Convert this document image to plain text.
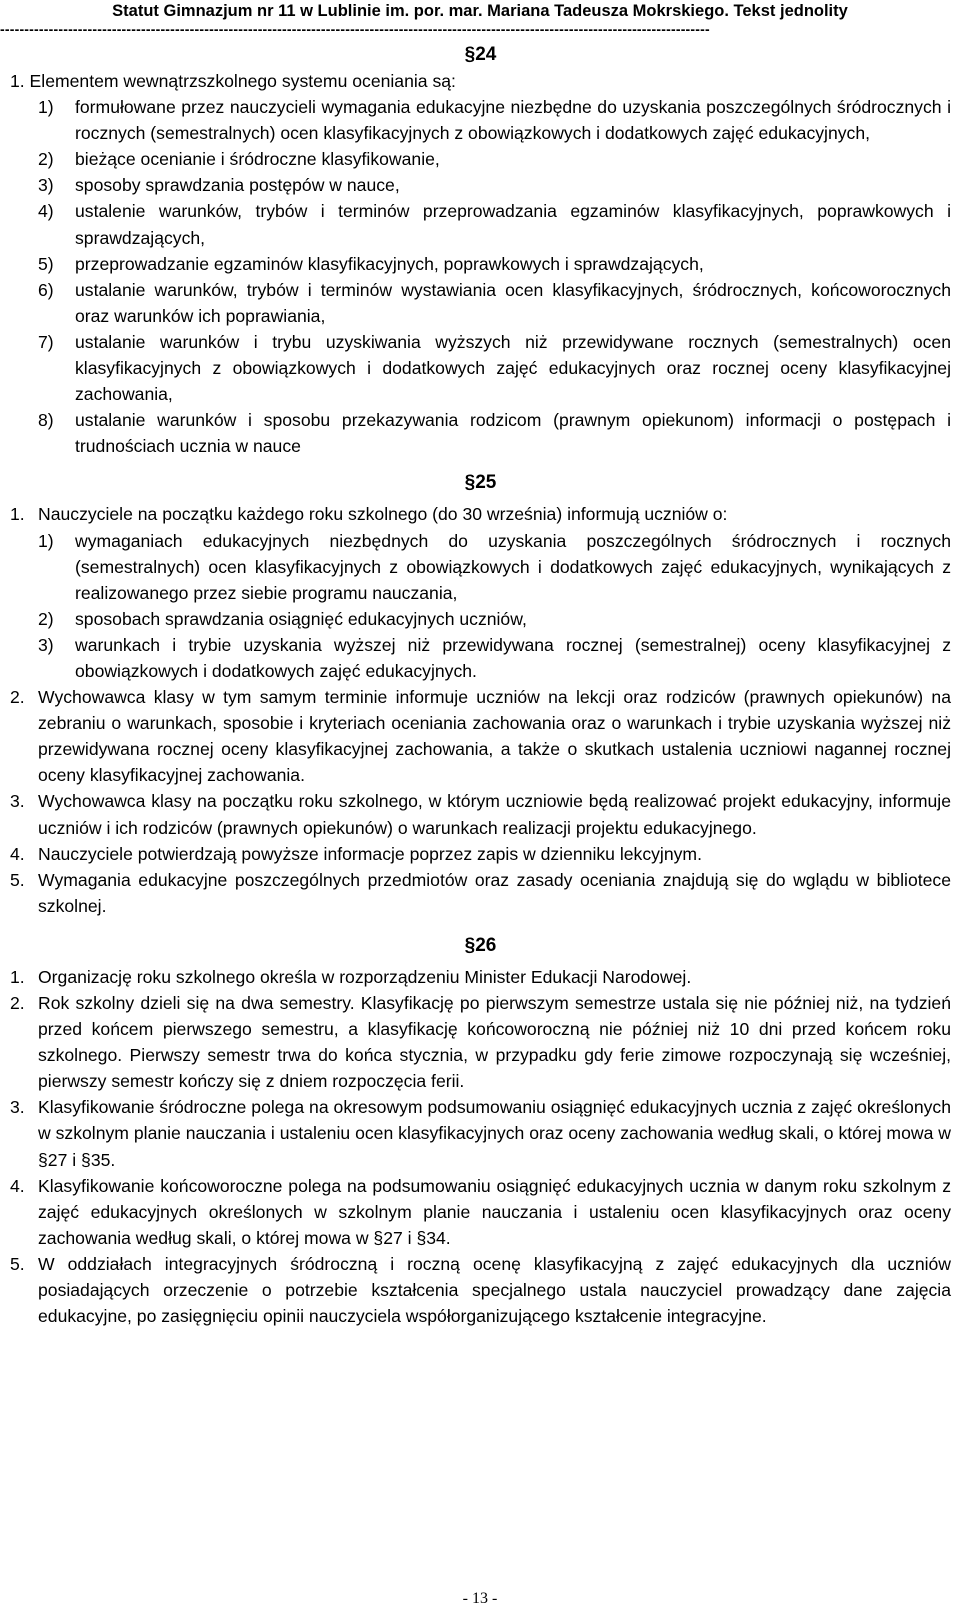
Statut Gimnazjum nr 11 w Lublinie im. por. mar. Mariana Tadeusza Mokrskiego. Tekst jednolity
--------------------------------------------------------------------------------------------------------------------------------------------------
§24
1. Elementem wewnątrzszkolnego systemu oceniania są:
1) formułowane przez nauczycieli wymagania edukacyjne niezbędne do uzyskania poszczególnych śródrocznych i rocznych (semestralnych) ocen klasyfikacyjnych z obowiązkowych i dodatkowych zajęć edukacyjnych,
2) bieżące ocenianie i śródroczne klasyfikowanie,
3) sposoby sprawdzania postępów w nauce,
4) ustalenie warunków, trybów i terminów przeprowadzania egzaminów klasyfikacyjnych, poprawkowych i sprawdzających,
5) przeprowadzanie egzaminów klasyfikacyjnych, poprawkowych i sprawdzających,
6) ustalanie warunków, trybów i terminów wystawiania ocen klasyfikacyjnych, śródrocznych, końcoworocznych oraz warunków ich poprawiania,
7) ustalanie warunków i trybu uzyskiwania wyższych niż przewidywane rocznych (semestralnych) ocen klasyfikacyjnych z obowiązkowych i dodatkowych zajęć edukacyjnych oraz rocznej oceny klasyfikacyjnej zachowania,
8) ustalanie warunków i sposobu przekazywania rodzicom (prawnym opiekunom) informacji o postępach i trudnościach ucznia w nauce
§25
1. Nauczyciele na początku każdego roku szkolnego (do 30 września) informują uczniów o:
1) wymaganiach edukacyjnych niezbędnych do uzyskania poszczególnych śródrocznych i rocznych (semestralnych) ocen klasyfikacyjnych z obowiązkowych i dodatkowych zajęć edukacyjnych, wynikających z realizowanego przez siebie programu nauczania,
2) sposobach sprawdzania osiągnięć edukacyjnych uczniów,
3) warunkach i trybie uzyskania wyższej niż przewidywana rocznej (semestralnej) oceny klasyfikacyjnej z obowiązkowych i dodatkowych zajęć edukacyjnych.
2. Wychowawca klasy w tym samym terminie informuje uczniów na lekcji oraz rodziców (prawnych opiekunów) na zebraniu o warunkach, sposobie i kryteriach oceniania zachowania oraz o warunkach i trybie uzyskania wyższej niż przewidywana rocznej oceny klasyfikacyjnej zachowania, a także o skutkach ustalenia uczniowi nagannej rocznej oceny klasyfikacyjnej zachowania.
3. Wychowawca klasy na początku roku szkolnego, w którym uczniowie będą realizować projekt edukacyjny, informuje uczniów i ich rodziców (prawnych opiekunów) o warunkach realizacji projektu edukacyjnego.
4. Nauczyciele potwierdzają powyższe informacje poprzez zapis w dzienniku lekcyjnym.
5. Wymagania edukacyjne poszczególnych przedmiotów oraz zasady oceniania znajdują się do wglądu w bibliotece szkolnej.
§26
1. Organizację roku szkolnego określa w rozporządzeniu Minister Edukacji Narodowej.
2. Rok szkolny dzieli się na dwa semestry. Klasyfikację po pierwszym semestrze ustala się nie później niż, na tydzień przed końcem pierwszego semestru, a klasyfikację końcoworoczną nie później niż 10 dni przed końcem roku szkolnego. Pierwszy semestr trwa do końca stycznia, w przypadku gdy ferie zimowe rozpoczynają się wcześniej, pierwszy semestr kończy się z dniem rozpoczęcia ferii.
3. Klasyfikowanie śródroczne polega na okresowym podsumowaniu osiągnięć edukacyjnych ucznia z zajęć określonych w szkolnym planie nauczania i ustaleniu ocen klasyfikacyjnych oraz oceny zachowania według skali, o której mowa w §27 i §35.
4. Klasyfikowanie końcoworoczne polega na podsumowaniu osiągnięć edukacyjnych ucznia w danym roku szkolnym z zajęć edukacyjnych określonych w szkolnym planie nauczania i ustaleniu ocen klasyfikacyjnych oraz oceny zachowania według skali, o której mowa w §27 i §34.
5. W oddziałach integracyjnych śródroczną i roczną ocenę klasyfikacyjną z zajęć edukacyjnych dla uczniów posiadających orzeczenie o potrzebie kształcenia specjalnego ustala nauczyciel prowadzący dane zajęcia edukacyjne, po zasięgnięciu opinii nauczyciela współorganizującego kształcenie integracyjne.
- 13 -
